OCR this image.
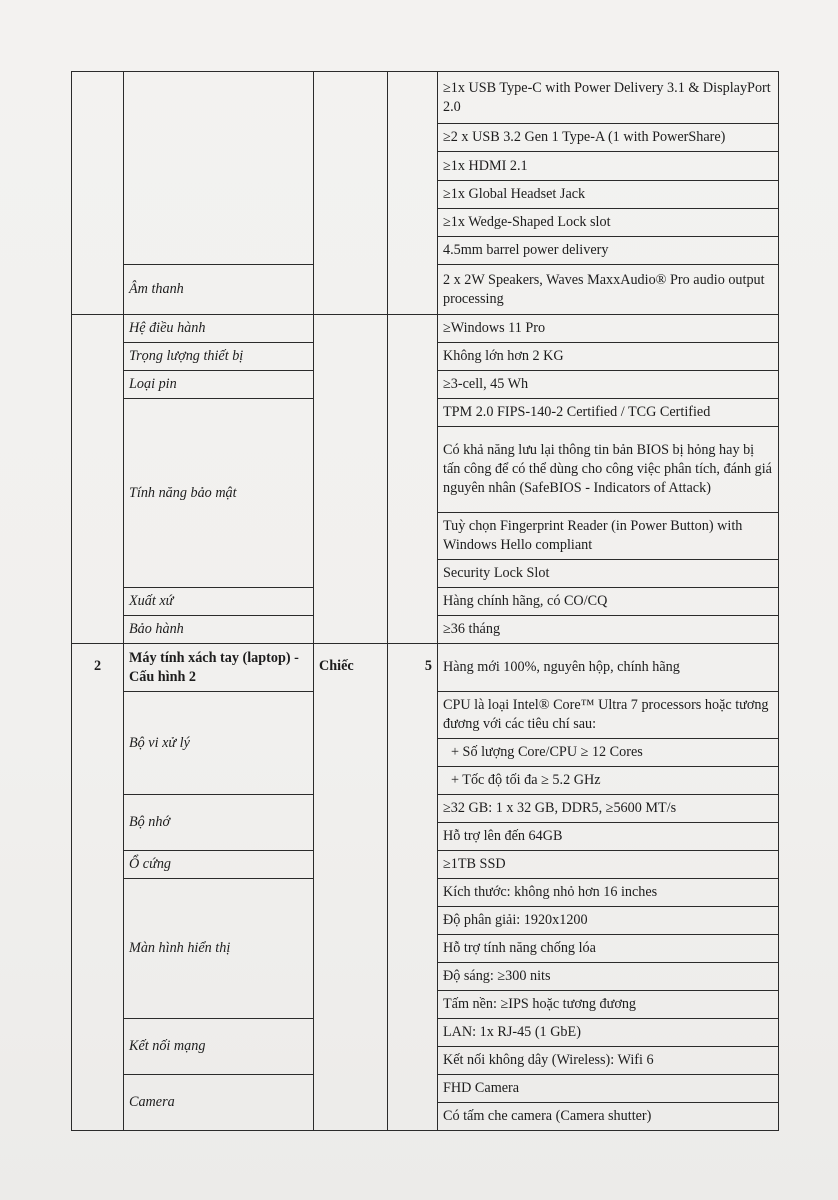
				≥1x USB Type-C with Power Delivery 3.1 & DisplayPort 2.0
				≥2 x USB 3.2 Gen 1 Type-A (1 with PowerShare)
				≥1x HDMI 2.1
				≥1x Global Headset Jack
				≥1x Wedge-Shaped Lock slot
				4.5mm barrel power delivery
	Âm thanh			2 x 2W Speakers, Waves MaxxAudio® Pro audio output processing
	Hệ điều hành			≥Windows 11 Pro
	Trọng lượng thiết bị			Không lớn hơn 2 KG
	Loại pin			≥3-cell, 45 Wh
	Tính năng bảo mật			TPM 2.0 FIPS-140-2 Certified / TCG Certified
				Có khả năng lưu lại thông tin bản BIOS bị hỏng hay bị tấn công để có thể dùng cho công việc phân tích, đánh giá nguyên nhân (SafeBIOS - Indicators of Attack)
				Tuỳ chọn Fingerprint Reader (in Power Button) with Windows Hello compliant
				Security Lock Slot
	Xuất xứ			Hàng chính hãng, có CO/CQ
	Bảo hành			≥36 tháng
2	Máy tính xách tay (laptop) - Cấu hình 2	Chiếc	5	Hàng mới 100%, nguyên hộp, chính hãng
	Bộ vi xử lý			CPU là loại Intel® Core™ Ultra 7 processors hoặc tương đương với các tiêu chí sau:

				+ Số lượng Core/CPU ≥ 12 Cores

				+ Tốc độ tối đa ≥ 5.2 GHz

	Bộ nhớ			≥32 GB: 1 x 32 GB, DDR5, ≥5600 MT/s
				Hỗ trợ lên đến 64GB
	Ổ cứng			≥1TB SSD
	Màn hình hiển thị			Kích thước: không nhỏ hơn 16 inches
				Độ phân giải: 1920x1200
				Hỗ trợ tính năng chống lóa
				Độ sáng: ≥300 nits
				Tấm nền: ≥IPS hoặc tương đương
	Kết nối mạng			LAN: 1x RJ-45 (1 GbE)
				Kết nối không dây (Wireless): Wifi 6
	Camera			FHD Camera
				Có tấm che camera (Camera shutter)
